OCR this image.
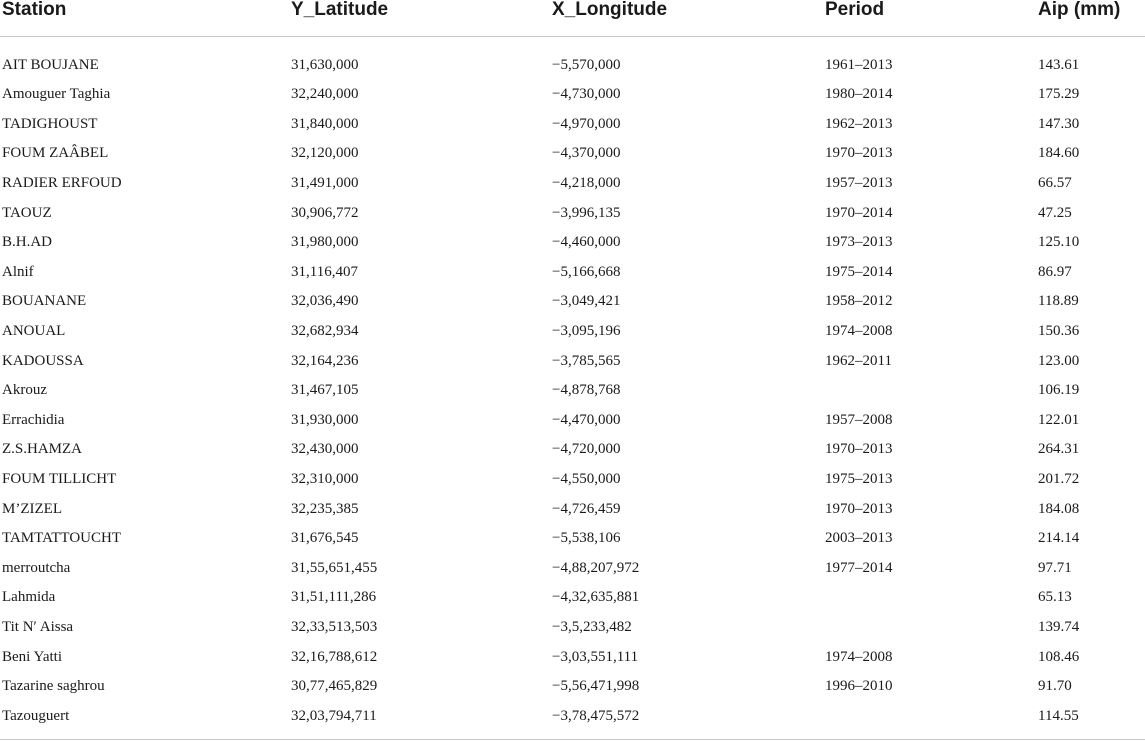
Station	Y_Latitude	X_Longitude	Period	Aip (mm)
AIT BOUJANE	31,630,000	−5,570,000	1961–2013	143.61
Amouguer Taghia	32,240,000	−4,730,000	1980–2014	175.29
TADIGHOUST	31,840,000	−4,970,000	1962–2013	147.30
FOUM ZAÂBEL	32,120,000	−4,370,000	1970–2013	184.60
RADIER ERFOUD	31,491,000	−4,218,000	1957–2013	66.57
TAOUZ	30,906,772	−3,996,135	1970–2014	47.25
B.H.AD	31,980,000	−4,460,000	1973–2013	125.10
Alnif	31,116,407	−5,166,668	1975–2014	86.97
BOUANANE	32,036,490	−3,049,421	1958–2012	118.89
ANOUAL	32,682,934	−3,095,196	1974–2008	150.36
KADOUSSA	32,164,236	−3,785,565	1962–2011	123.00
Akrouz	31,467,105	−4,878,768		106.19
Errachidia	31,930,000	−4,470,000	1957–2008	122.01
Z.S.HAMZA	32,430,000	−4,720,000	1970–2013	264.31
FOUM TILLICHT	32,310,000	−4,550,000	1975–2013	201.72
M’ZIZEL	32,235,385	−4,726,459	1970–2013	184.08
TAMTATTOUCHT	31,676,545	−5,538,106	2003–2013	214.14
merroutcha	31,55,651,455	−4,88,207,972	1977–2014	97.71
Lahmida	31,51,111,286	−4,32,635,881		65.13
Tit N′ Aissa	32,33,513,503	−3,5,233,482		139.74
Beni Yatti	32,16,788,612	−3,03,551,111	1974–2008	108.46
Tazarine saghrou	30,77,465,829	−5,56,471,998	1996–2010	91.70
Tazouguert	32,03,794,711	−3,78,475,572		114.55
